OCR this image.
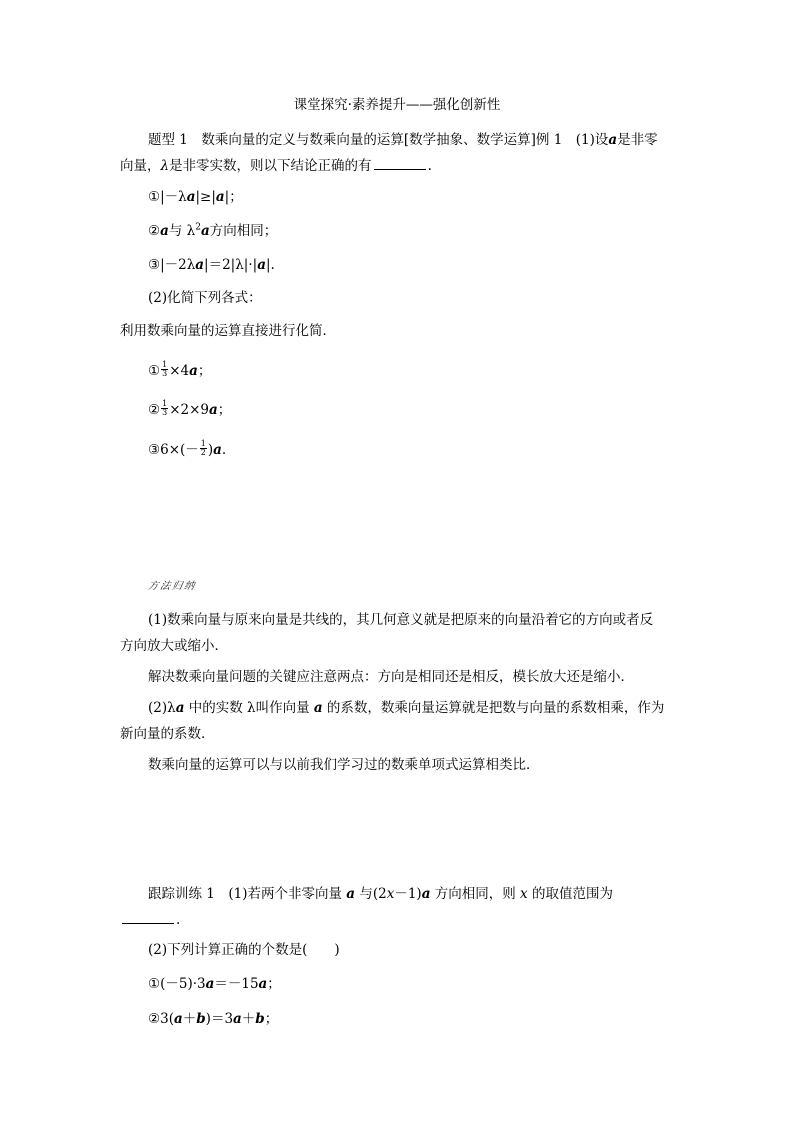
课堂探究·素养提升——强化创新性
题型 1　数乘向量的定义与数乘向量的运算[数学抽象、数学运算]例 1　(1)设a是非零
向量，λ是非零实数，则以下结论正确的有	.
①|－λa|≥|a|；
②a与 $\lambda^2a$方向相同；
③|－2λa|＝2|λ|·|a|.
(2)化简下列各式：
利用数乘向量的运算直接进行化简．
① $\frac{1}{3} \times 4a$；
② $\frac{1}{3} \times 2\times 9a$；
③6×(－ $\frac{1}{2} )a$.
方法归纳
(1)数乘向量与原来向量是共线的，其几何意义就是把原来的向量沿着它的方向或者反
方向放大或缩小．
解决数乘向量问题的关键应注意两点：方向是相同还是相反，模长放大还是缩小．
(2)λa 中的实数 λ叫作向量 a 的系数，数乘向量运算就是把数与向量的系数相乘，作为
新向量的系数．
数乘向量的运算可以与以前我们学习过的数乘单项式运算相类比．
跟踪训练 1　(1)若两个非零向量 a 与(2x－1)a 方向相同，则 x 的取值范围为
.
(2)下列计算正确的个数是(　　)
①(－5)·3a＝－15a；
②3(a＋b)＝3a＋b；
